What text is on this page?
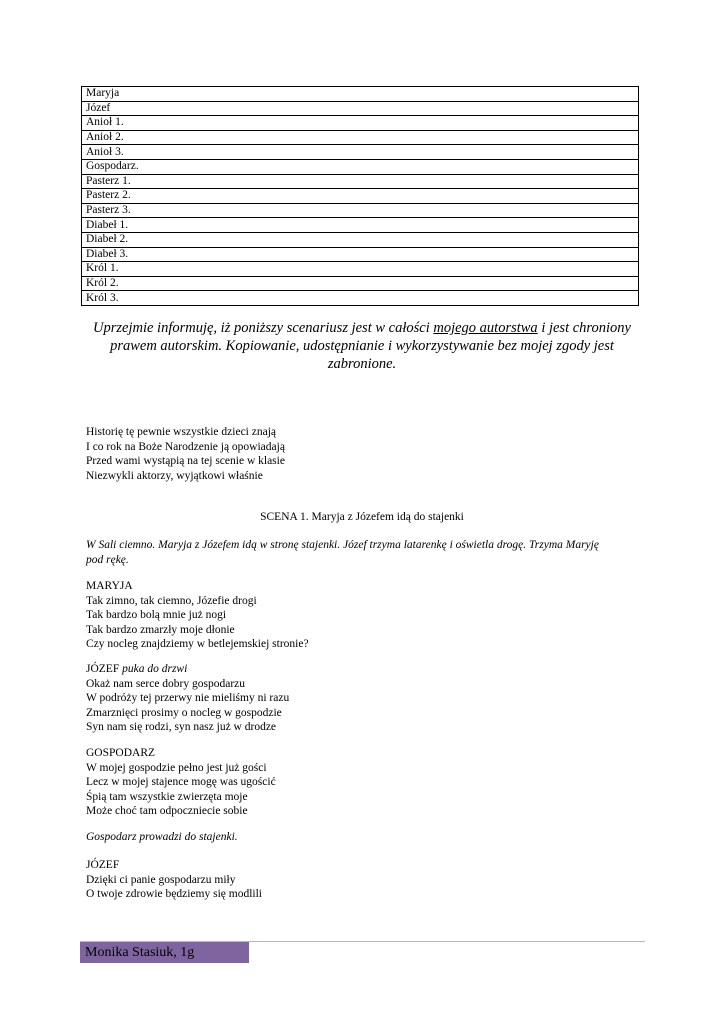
Maryja
Józef
Anioł 1.
Anioł 2.
Anioł 3.
Gospodarz.
Pasterz 1.
Pasterz 2.
Pasterz 3.
Diabeł 1.
Diabeł 2.
Diabeł 3.
Król 1.
Król 2.
Król 3.

Uprzejmie informuję, iż poniższy scenariusz jest w całości mojego autorstwa i jest chroniony prawem autorskim. Kopiowanie, udostępnianie i wykorzystywanie bez mojej zgody jest zabronione.

Historię tę pewnie wszystkie dzieci znają
I co rok na Boże Narodzenie ją opowiadają
Przed wami wystąpią na tej scenie w klasie
Niezwykli aktorzy, wyjątkowi właśnie
SCENA 1. Maryja z Józefem idą do stajenki
W Sali ciemno. Maryja z Józefem idą w stronę stajenki. Józef trzyma latarenkę i oświetla drogę. Trzyma Maryję
pod rękę.
MARYJA
Tak zimno, tak ciemno, Józefie drogi
Tak bardzo bolą mnie już nogi
Tak bardzo zmarzły moje dłonie
Czy nocleg znajdziemy w betlejemskiej stronie?
JÓZEF puka do drzwi
Okaż nam serce dobry gospodarzu
W podróży tej przerwy nie mieliśmy ni razu
Zmarznięci prosimy o nocleg w gospodzie
Syn nam się rodzi, syn nasz już w drodze
GOSPODARZ
W mojej gospodzie pełno jest już gości
Lecz w mojej stajence mogę was ugościć
Śpią tam wszystkie zwierzęta moje
Może choć tam odpoczniecie sobie
Gospodarz prowadzi do stajenki.
JÓZEF
Dzięki ci panie gospodarzu miły
O twoje zdrowie będziemy się modlili
Monika Stasiuk, 1g
